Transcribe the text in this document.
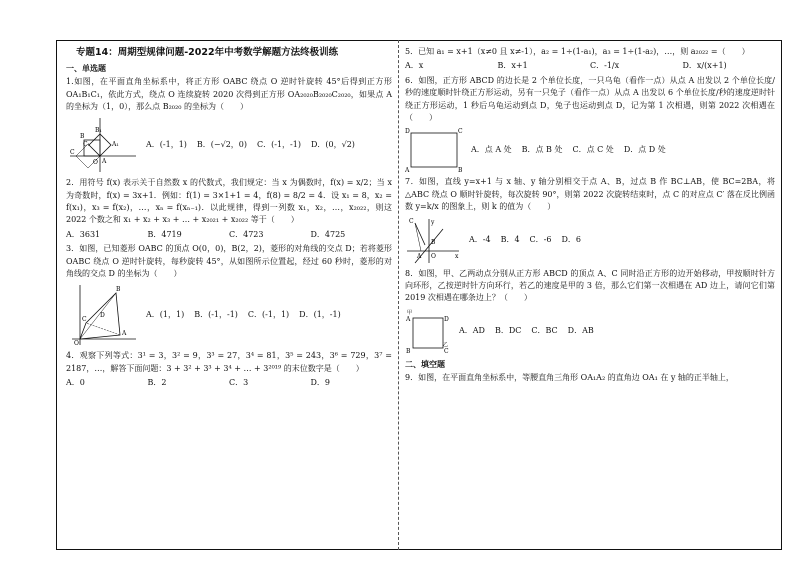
专题14：周期型规律问题-2022年中考数学解题方法终极训练
一、单选题
1.如图，在平面直角坐标系中，将正方形 OABC 绕点 O 逆时针旋转 45°后得到正方形 OA₁B₁C₁，依此方式，绕点 O 连续旋转 2020 次得到正方形 OA₂₀₂₀B₂₀₂₀C₂₀₂₀，如果点 A 的坐标为（1，0），那么点 B₂₀₂₀ 的坐标为（　　）
B₁
A₁
C₁
B
C
A
O
A．(-1，1) B．(−√2，0) C．(-1，-1) D．(0，√2)
2．用符号 f(x) 表示关于自然数 x 的代数式，我们规定：当 x 为偶数时，f(x) = x/2；当 x 为奇数时，f(x) = 3x+1．例如：f(1) = 3×1+1 = 4，f(8) = 8/2 = 4．设 x₁ = 8，x₂ = f(x₁)，x₃ = f(x₂)，…，xₙ = f(xₙ₋₁)．以此规律，得到一列数 x₁，x₂，…，x₂₀₂₂，则这 2022 个数之和 x₁ + x₂ + x₃ + … + x₂₀₂₁ + x₂₀₂₂ 等于（　　）
A．3631	B．4719	C．4723	D．4725
3．如图，已知菱形 OABC 的顶点 O(0，0)，B(2，2)，菱形的对角线的交点 D；若将菱形 OABC 绕点 O 逆时针旋转，每秒旋转 45°，从如图所示位置起，经过 60 秒时，菱形的对角线的交点 D 的坐标为（　　）
B
A
D
C
O
A．(1，1) B．(-1，-1) C．(-1，1) D．(1，-1)
4．观察下列等式：3¹ = 3，3² = 9，3³ = 27，3⁴ = 81，3⁵ = 243，3⁶ = 729，3⁷ = 2187，…，解答下面问题：3 + 3² + 3³ + 3⁴ + … + 3²⁰¹⁹ 的末位数字是（　　）
A．0	B．2	C．3	D．9
5．已知 a₁ = x+1（x≠0 且 x≠-1），a₂ = 1÷(1-a₁)，a₃ = 1÷(1-a₂)，…，则 a₂₀₂₂ =（　　）
A．x	B．x+1	C．-1/x	D．x/(x+1)
6．如图，正方形 ABCD 的边长是 2 个单位长度，一只乌龟（看作一点）从点 A 出发以 2 个单位长度/秒的速度顺时针绕正方形运动，另有一只兔子（看作一点）从点 A 出发以 6 个单位长度/秒的速度逆时针绕正方形运动，1 秒后乌龟运动到点 D，兔子也运动到点 D，记为第 1 次相遇，则第 2022 次相遇在（　　）
D	C
A	B
A．点 A 处 B．点 B 处 C．点 C 处 D．点 D 处
7．如图，直线 y=x+1 与 x 轴、y 轴分别相交于点 A、B，过点 B 作 BC⊥AB，使 BC=2BA，将 △ABC 绕点 O 顺时针旋转，每次旋转 90°，则第 2022 次旋转结束时，点 C 的对应点 C′ 落在反比例函数 y=k/x 的图象上，则 k 的值为（　　）
y
O	x
A
B
C
A．-4 B．4 C．-6 D．6
8．如图，甲、乙两动点分别从正方形 ABCD 的顶点 A、C 同时沿正方形的边开始移动，甲按顺时针方向环形，乙按逆时针方向环行，若乙的速度是甲的 3 倍，那么它们第一次相遇在 AD 边上，请问它们第 2019 次相遇在哪条边上？（　　）
甲
A	D
B	C
乙
A．AD B．DC C．BC D．AB
二、填空题
9．如图，在平面直角坐标系中，等腰直角三角形 OA₁A₂ 的直角边 OA₁ 在 y 轴的正半轴上，
